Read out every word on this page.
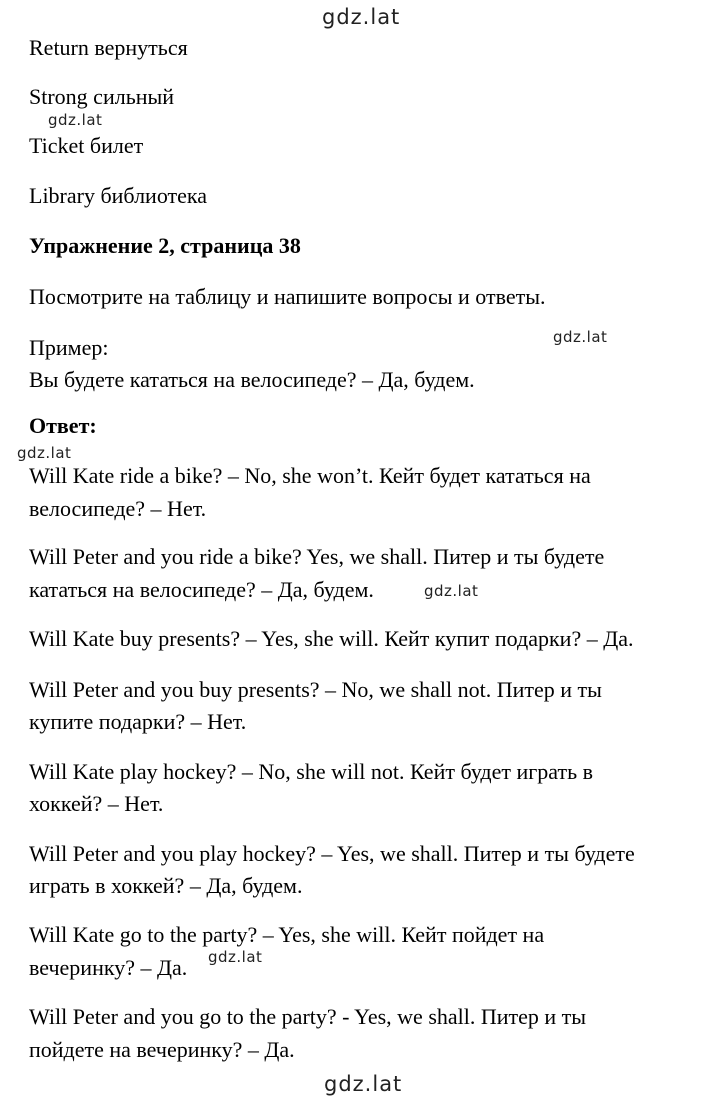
gdz.lat
gdz.lat
gdz.lat
gdz.lat
gdz.lat
gdz.lat
gdz.lat
Return вернуться
Strong сильный
Ticket билет
Library библиотека
Упражнение 2, страница 38
Посмотрите на таблицу и напишите вопросы и ответы.
Пример:
Вы будете кататься на велосипеде? – Да, будем.
Ответ:
Will Kate ride a bike? – No, she won’t. Кейт будет кататься на
велосипеде? – Нет.
Will Peter and you ride a bike? Yes, we shall. Питер и ты будете
кататься на велосипеде? – Да, будем.
Will Kate buy presents? – Yes, she will. Кейт купит подарки? – Да.
Will Peter and you buy presents? – No, we shall not. Питер и ты
купите подарки? – Нет.
Will Kate play hockey? – No, she will not. Кейт будет играть в
хоккей? – Нет.
Will Peter and you play hockey? – Yes, we shall. Питер и ты будете
играть в хоккей? – Да, будем.
Will Kate go to the party? – Yes, she will. Кейт пойдет на
вечеринку? – Да.
Will Peter and you go to the party? - Yes, we shall. Питер и ты
пойдете на вечеринку? – Да.
